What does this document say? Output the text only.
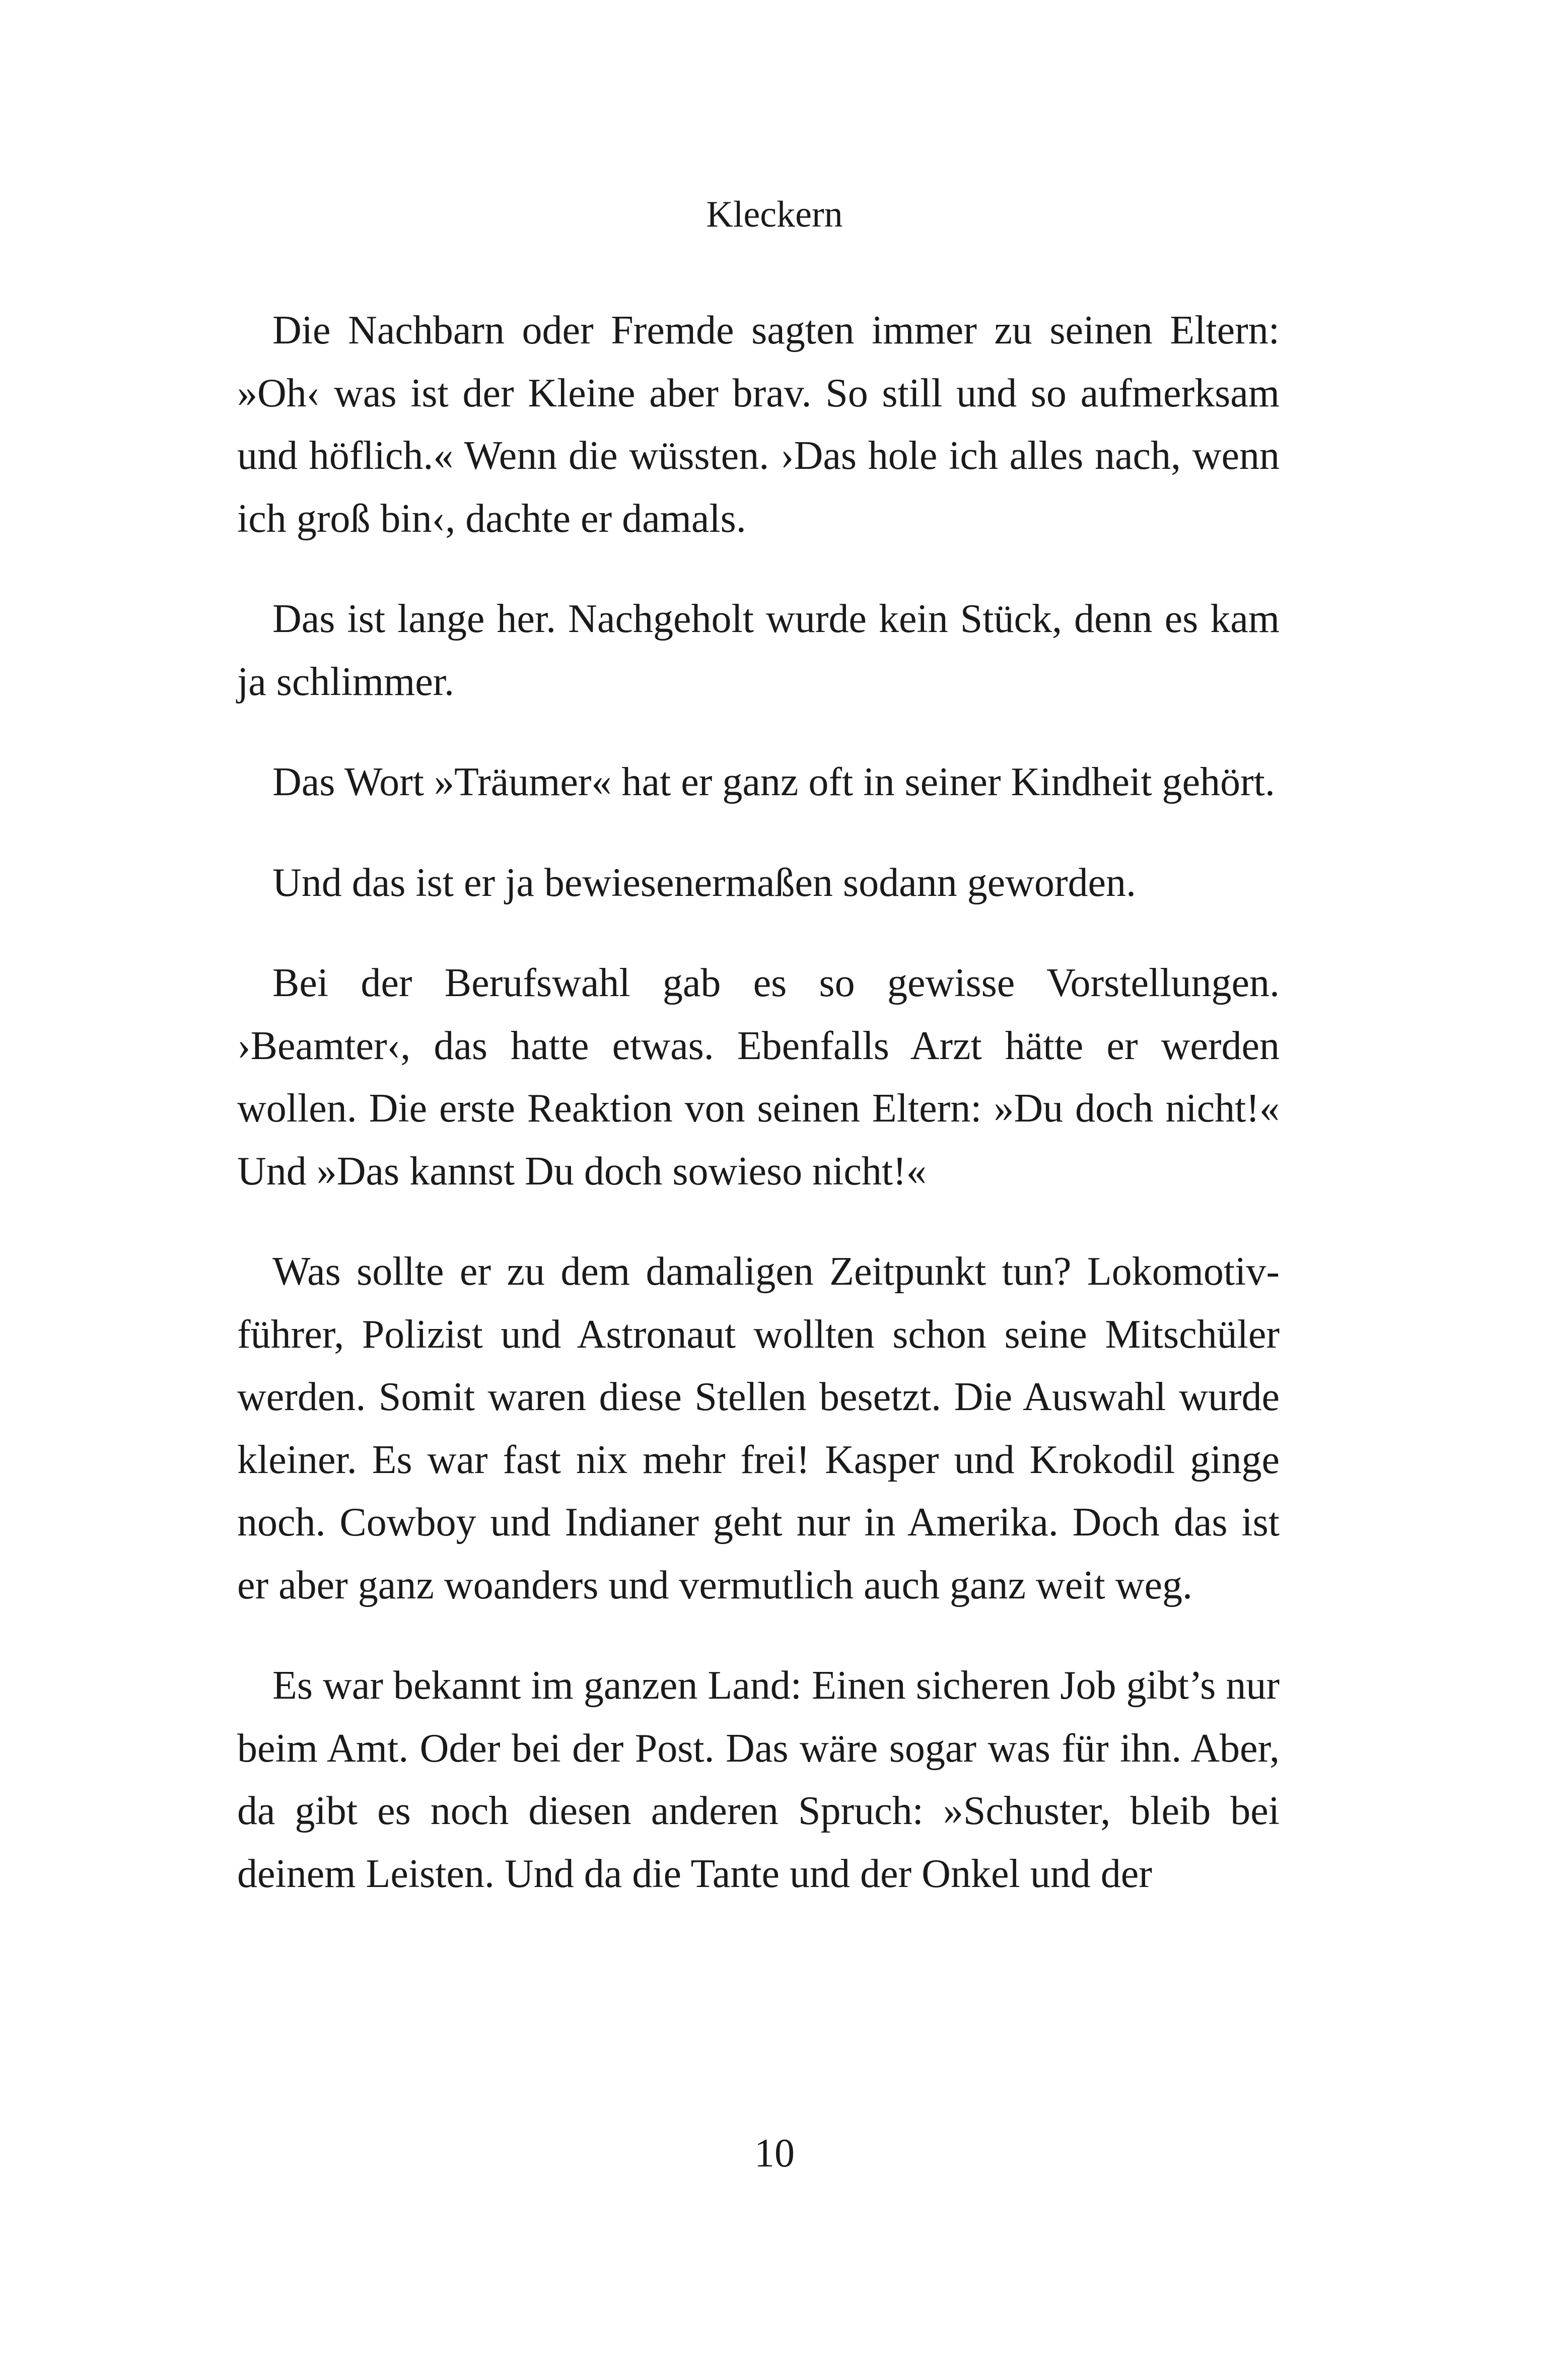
Kleckern

Die Nachbarn oder Fremde sagten immer zu seinen Eltern: »Oh‹ was ist der Kleine aber brav. So still und so aufmerksam und höflich.« Wenn die wüssten. ›Das hole ich alles nach, wenn ich groß bin‹, dachte er damals.

Das ist lange her. Nachgeholt wurde kein Stück, denn es kam ja schlimmer.

Das Wort »Träumer« hat er ganz oft in seiner Kindheit gehört.

Und das ist er ja bewiesenermaßen sodann geworden.

Bei der Berufswahl gab es so gewisse Vorstellungen. ›Beamter‹, das hatte etwas. Ebenfalls Arzt hätte er werden wollen. Die erste Reaktion von seinen Eltern: »Du doch nicht!« Und »Das kannst Du doch sowieso nicht!«

Was sollte er zu dem damaligen Zeitpunkt tun? Lokomotivführer, Polizist und Astronaut wollten schon seine Mitschüler werden. Somit waren diese Stellen besetzt. Die Auswahl wurde kleiner. Es war fast nix mehr frei! Kasper und Krokodil ginge noch. Cowboy und Indianer geht nur in Amerika. Doch das ist er aber ganz woanders und vermutlich auch ganz weit weg.

Es war bekannt im ganzen Land: Einen sicheren Job gibt’s nur beim Amt. Oder bei der Post. Das wäre sogar was für ihn. Aber, da gibt es noch diesen anderen Spruch: »Schuster, bleib bei deinem Leisten. Und da die Tante und der Onkel und der

10
